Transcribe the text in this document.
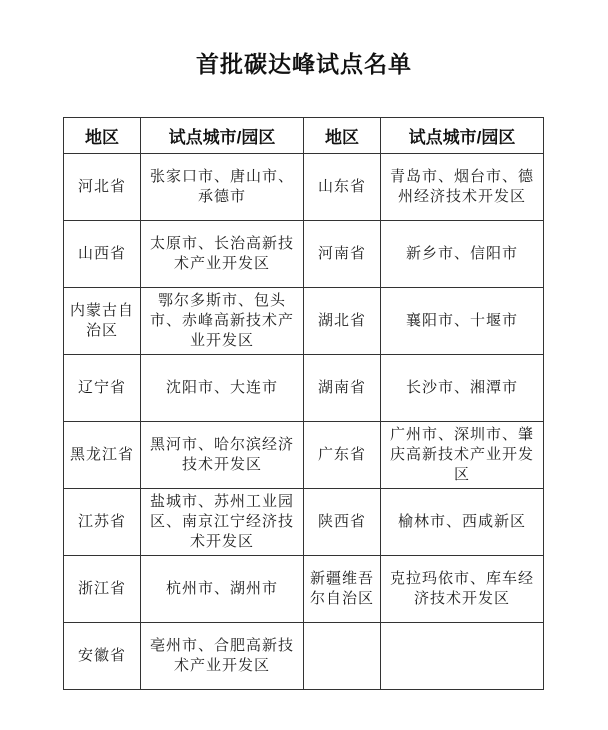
首批碳达峰试点名单
地区	试点城市/园区	地区	试点城市/园区
河北省	张家口市、唐山市、承德市	山东省	青岛市、烟台市、德州经济技术开发区
山西省	太原市、长治高新技术产业开发区	河南省	新乡市、信阳市
内蒙古自治区	鄂尔多斯市、包头市、赤峰高新技术产业开发区	湖北省	襄阳市、十堰市
辽宁省	沈阳市、大连市	湖南省	长沙市、湘潭市
黑龙江省	黑河市、哈尔滨经济技术开发区	广东省	广州市、深圳市、肇庆高新技术产业开发区
江苏省	盐城市、苏州工业园区、南京江宁经济技术开发区	陕西省	榆林市、西咸新区
浙江省	杭州市、湖州市	新疆维吾尔自治区	克拉玛依市、库车经济技术开发区
安徽省	亳州市、合肥高新技术产业开发区		
